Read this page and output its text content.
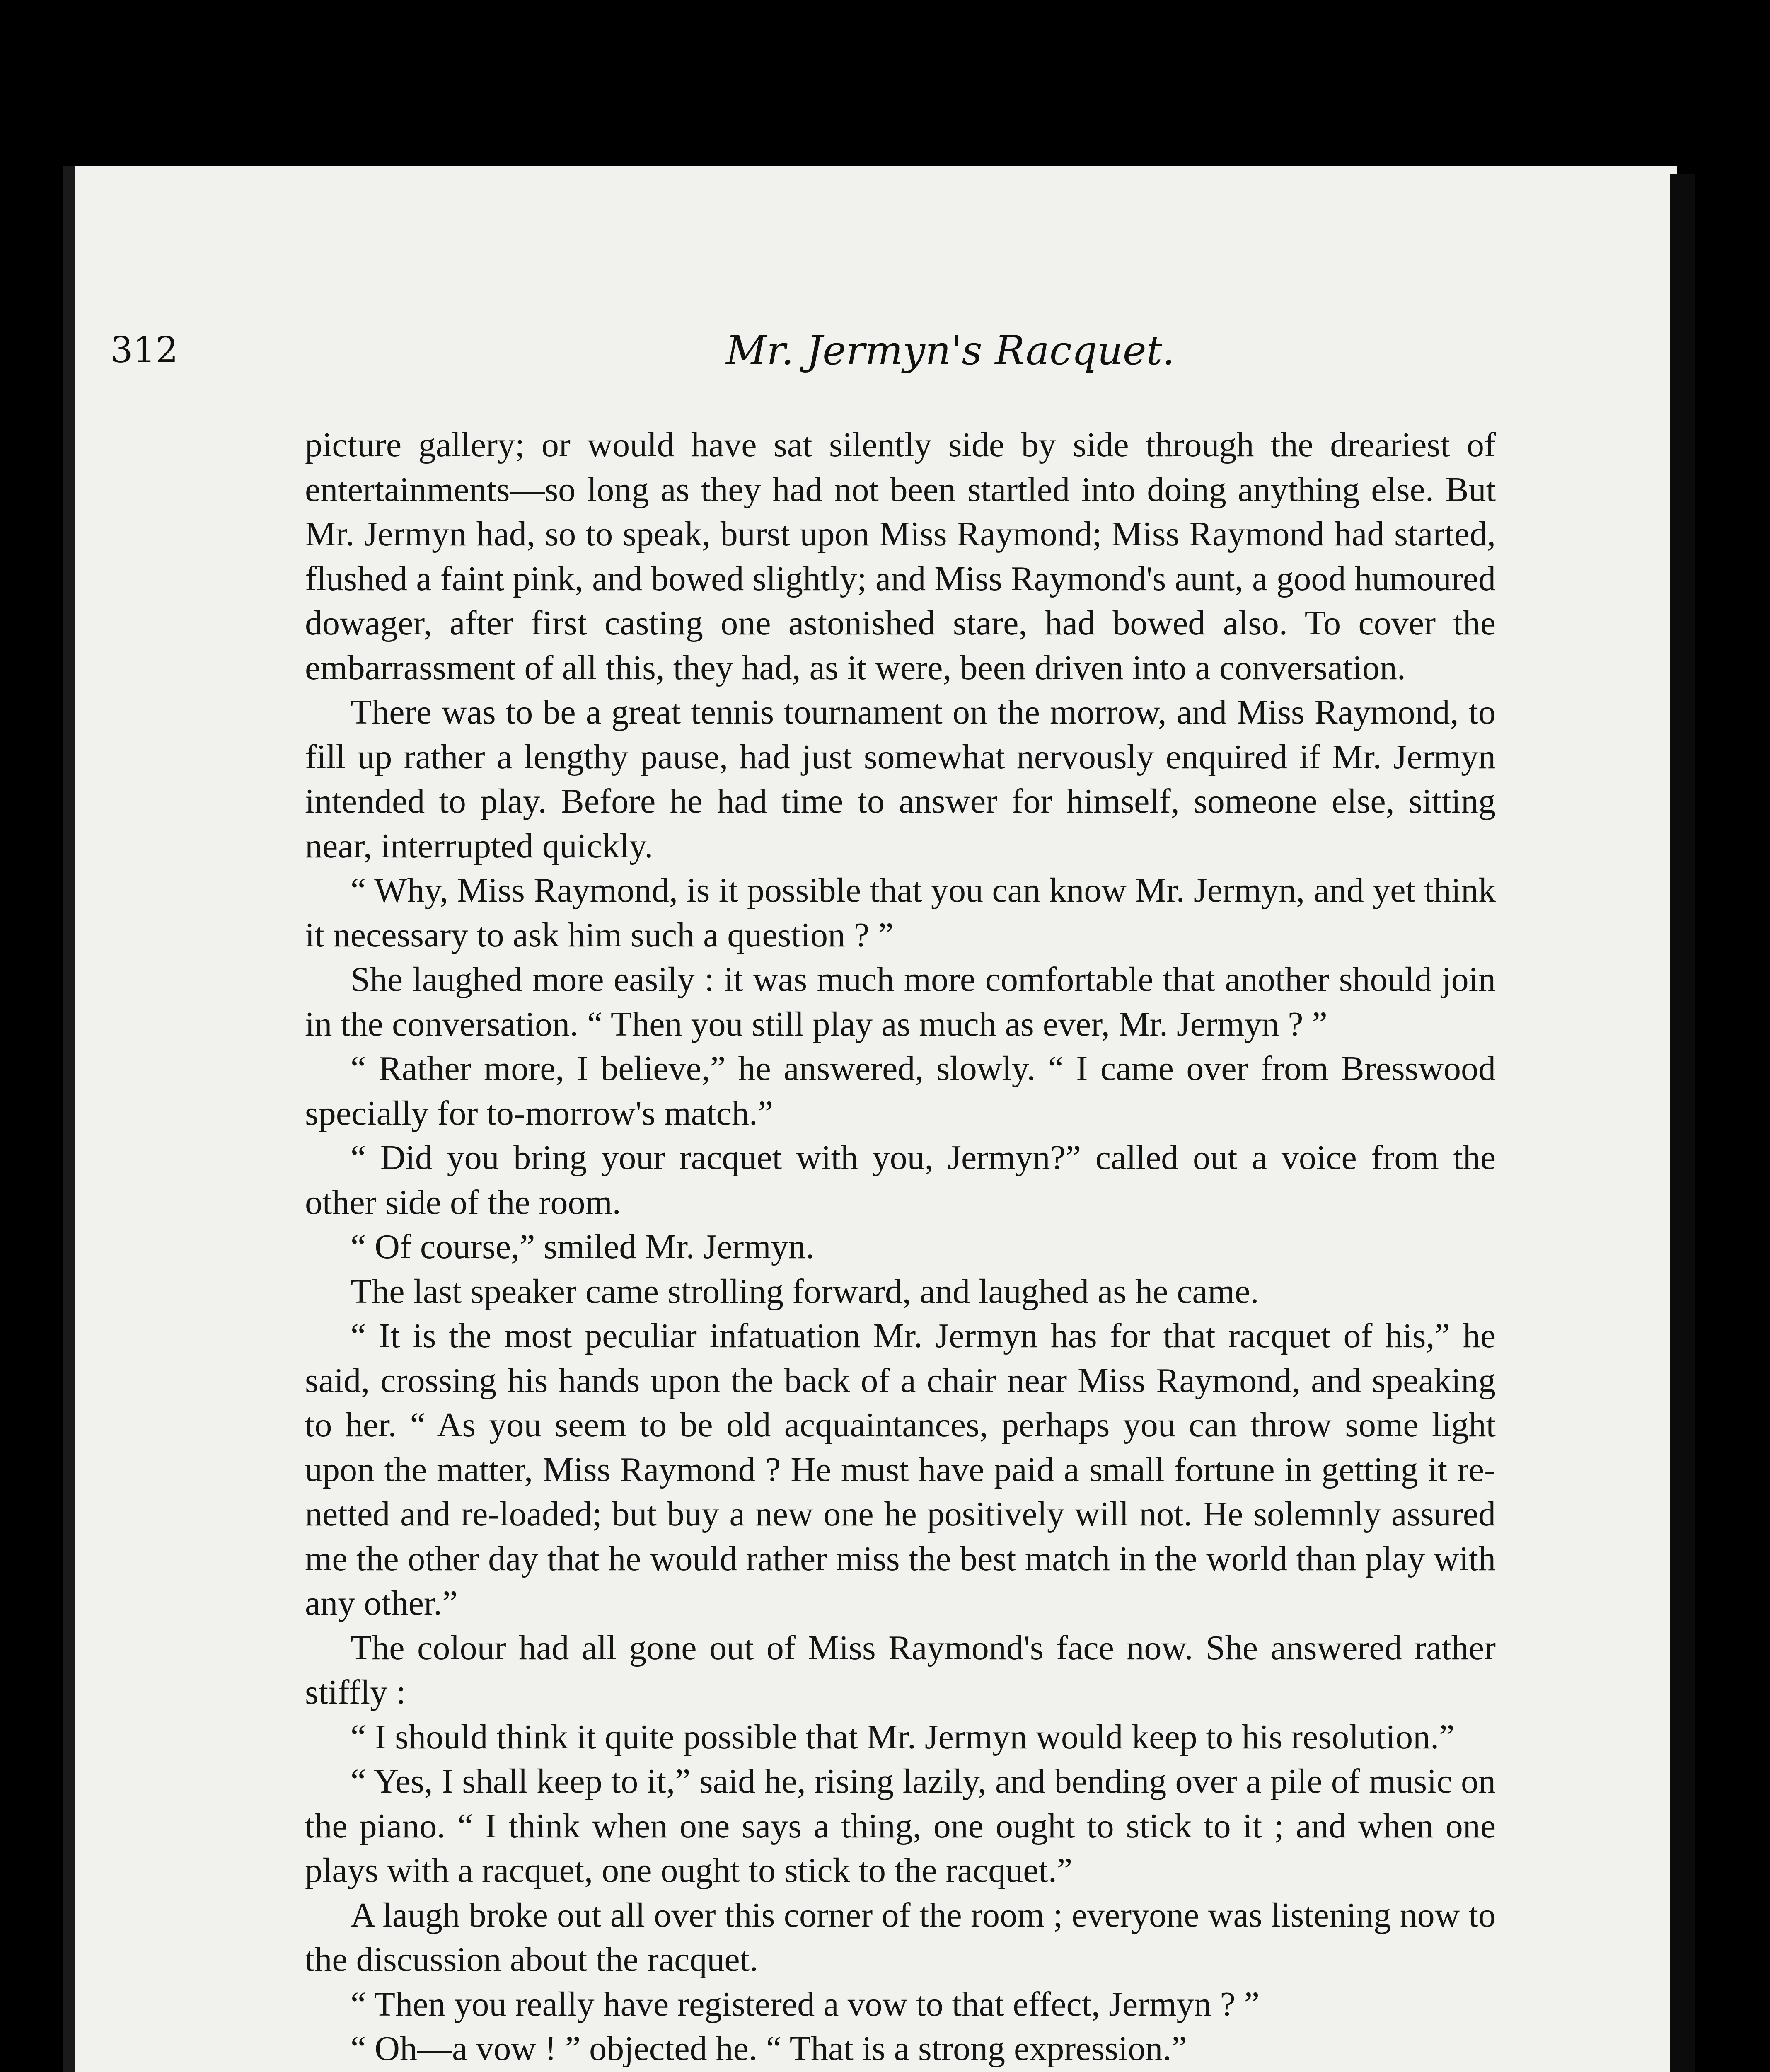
312	Mr. Jermyn's Racquet.

picture gallery; or would have sat silently side by side through the dreariest of entertainments—so long as they had not been startled into doing anything else. But Mr. Jermyn had, so to speak, burst upon Miss Raymond; Miss Raymond had started, flushed a faint pink, and bowed slightly; and Miss Raymond's aunt, a good humoured dowager, after first casting one astonished stare, had bowed also. To cover the embarrassment of all this, they had, as it were, been driven into a conversation.

There was to be a great tennis tournament on the morrow, and Miss Raymond, to fill up rather a lengthy pause, had just somewhat nervously enquired if Mr. Jermyn intended to play. Before he had time to answer for himself, someone else, sitting near, interrupted quickly.

“ Why, Miss Raymond, is it possible that you can know Mr. Jermyn, and yet think it necessary to ask him such a question ? ”

She laughed more easily : it was much more comfortable that another should join in the conversation. “ Then you still play as much as ever, Mr. Jermyn ? ”

“ Rather more, I believe,” he answered, slowly. “ I came over from Bresswood specially for to-morrow's match.”

“ Did you bring your racquet with you, Jermyn?” called out a voice from the other side of the room.

“ Of course,” smiled Mr. Jermyn.

The last speaker came strolling forward, and laughed as he came.

“ It is the most peculiar infatuation Mr. Jermyn has for that racquet of his,” he said, crossing his hands upon the back of a chair near Miss Raymond, and speaking to her. “ As you seem to be old acquaintances, perhaps you can throw some light upon the matter, Miss Raymond ? He must have paid a small fortune in getting it re-netted and re-loaded; but buy a new one he positively will not. He solemnly assured me the other day that he would rather miss the best match in the world than play with any other.”

The colour had all gone out of Miss Raymond's face now. She answered rather stiffly :

“ I should think it quite possible that Mr. Jermyn would keep to his resolution.”

“ Yes, I shall keep to it,” said he, rising lazily, and bending over a pile of music on the piano. “ I think when one says a thing, one ought to stick to it ; and when one plays with a racquet, one ought to stick to the racquet.”

A laugh broke out all over this corner of the room ; everyone was listening now to the discussion about the racquet.

“ Then you really have registered a vow to that effect, Jermyn ? ”

“ Oh—a vow ! ” objected he. “ That is a strong expression.”
